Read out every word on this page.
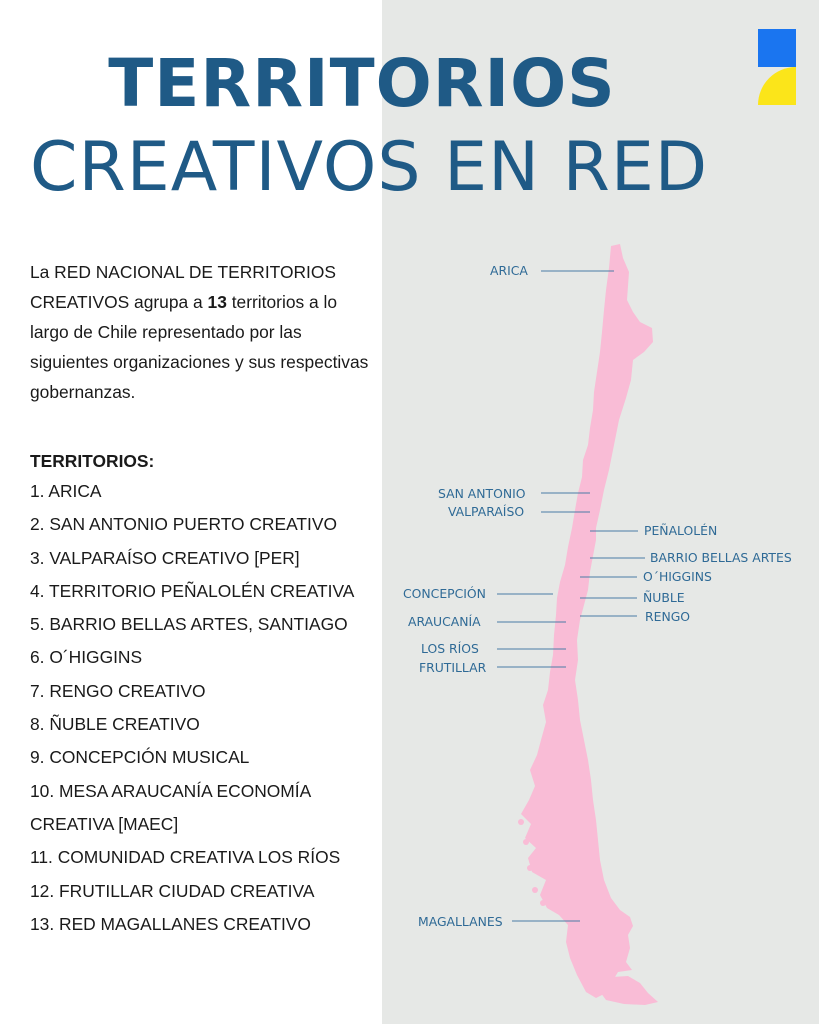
TERRITORIOS
CREATIVOS EN RED

La RED NACIONAL DE TERRITORIOS CREATIVOS agrupa a 13 territorios a lo largo de Chile representado por las siguientes organizaciones y sus respectivas gobernanzas.

TERRITORIOS:
1. ARICA
2. SAN ANTONIO PUERTO CREATIVO
3. VALPARAÍSO CREATIVO [PER]
4. TERRITORIO PEÑALOLÉN CREATIVA
5. BARRIO BELLAS ARTES, SANTIAGO
6. O´HIGGINS
7. RENGO CREATIVO
8. ÑUBLE CREATIVO
9. CONCEPCIÓN MUSICAL
10. MESA ARAUCANÍA ECONOMÍA
CREATIVA [MAEC]
11. COMUNIDAD CREATIVA LOS RÍOS
12. FRUTILLAR CIUDAD CREATIVA
13. RED MAGALLANES CREATIVO
ARICA
SAN ANTONIO
VALPARAÍSO
PEÑALOLÉN
BARRIO BELLAS ARTES
O´HIGGINS
CONCEPCIÓN	ÑUBLE
RENGO
ARAUCANÍA
LOS RÍOS
FRUTILLAR
MAGALLANES
